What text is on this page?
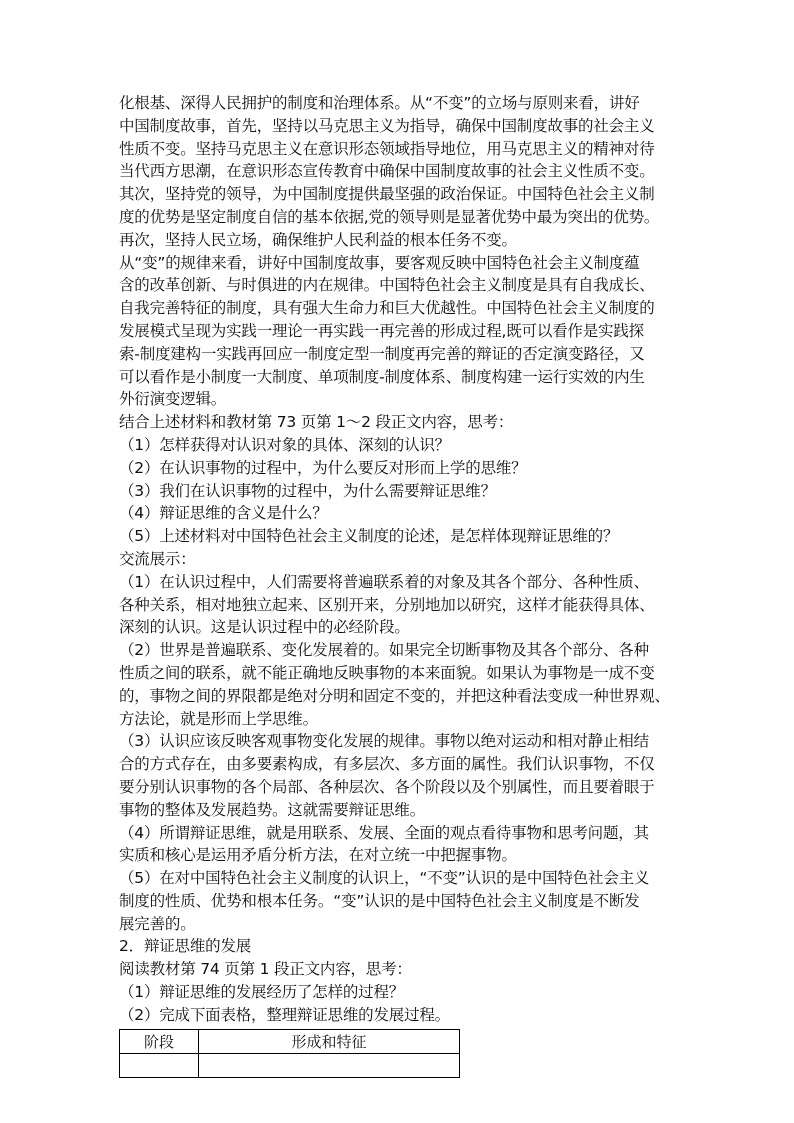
化根基、深得人民拥护的制度和治理体系。从“不变”的立场与原则来看，讲好
中国制度故事，首先，坚持以马克思主义为指导，确保中国制度故事的社会主义
性质不变。坚持马克思主义在意识形态领域指导地位，用马克思主义的精神对待
当代西方思潮，在意识形态宣传教育中确保中国制度故事的社会主义性质不变。
其次，坚持党的领导，为中国制度提供最坚强的政治保证。中国特色社会主义制
度的优势是坚定制度自信的基本依据,党的领导则是显著优势中最为突出的优势。
再次，坚持人民立场，确保维护人民利益的根本任务不变。
从“变”的规律来看，讲好中国制度故事，要客观反映中国特色社会主义制度蕴
含的改革创新、与时俱进的内在规律。中国特色社会主义制度是具有自我成长、
自我完善特征的制度，具有强大生命力和巨大优越性。中国特色社会主义制度的
发展模式呈现为实践一理论一再实践一再完善的形成过程,既可以看作是实践探
索-制度建构一实践再回应一制度定型一制度再完善的辩证的否定演变路径，又
可以看作是小制度一大制度、单项制度-制度体系、制度构建一运行实效的内生
外衍演变逻辑。
结合上述材料和教材第 73 页第 1～2 段正文内容，思考：
（1）怎样获得对认识对象的具体、深刻的认识？
（2）在认识事物的过程中，为什么要反对形而上学的思维？
（3）我们在认识事物的过程中，为什么需要辩证思维？
（4）辩证思维的含义是什么？
（5）上述材料对中国特色社会主义制度的论述，是怎样体现辩证思维的？
交流展示：
（1）在认识过程中，人们需要将普遍联系着的对象及其各个部分、各种性质、
各种关系，相对地独立起来、区别开来，分别地加以研究，这样才能获得具体、
深刻的认识。这是认识过程中的必经阶段。
（2）世界是普遍联系、变化发展着的。如果完全切断事物及其各个部分、各种
性质之间的联系，就不能正确地反映事物的本来面貌。如果认为事物是一成不变
的，事物之间的界限都是绝对分明和固定不变的，并把这种看法变成一种世界观、
方法论，就是形而上学思维。
（3）认识应该反映客观事物变化发展的规律。事物以绝对运动和相对静止相结
合的方式存在，由多要素构成，有多层次、多方面的属性。我们认识事物，不仅
要分别认识事物的各个局部、各种层次、各个阶段以及个别属性，而且要着眼于
事物的整体及发展趋势。这就需要辩证思维。
（4）所谓辩证思维，就是用联系、发展、全面的观点看待事物和思考问题，其
实质和核心是运用矛盾分析方法，在对立统一中把握事物。
（5）在对中国特色社会主义制度的认识上，“不变”认识的是中国特色社会主义
制度的性质、优势和根本任务。“变”认识的是中国特色社会主义制度是不断发
展完善的。
2．辩证思维的发展
阅读教材第 74 页第 1 段正文内容，思考：
（1）辩证思维的发展经历了怎样的过程？
（2）完成下面表格，整理辩证思维的发展过程。
阶段	形成和特征
